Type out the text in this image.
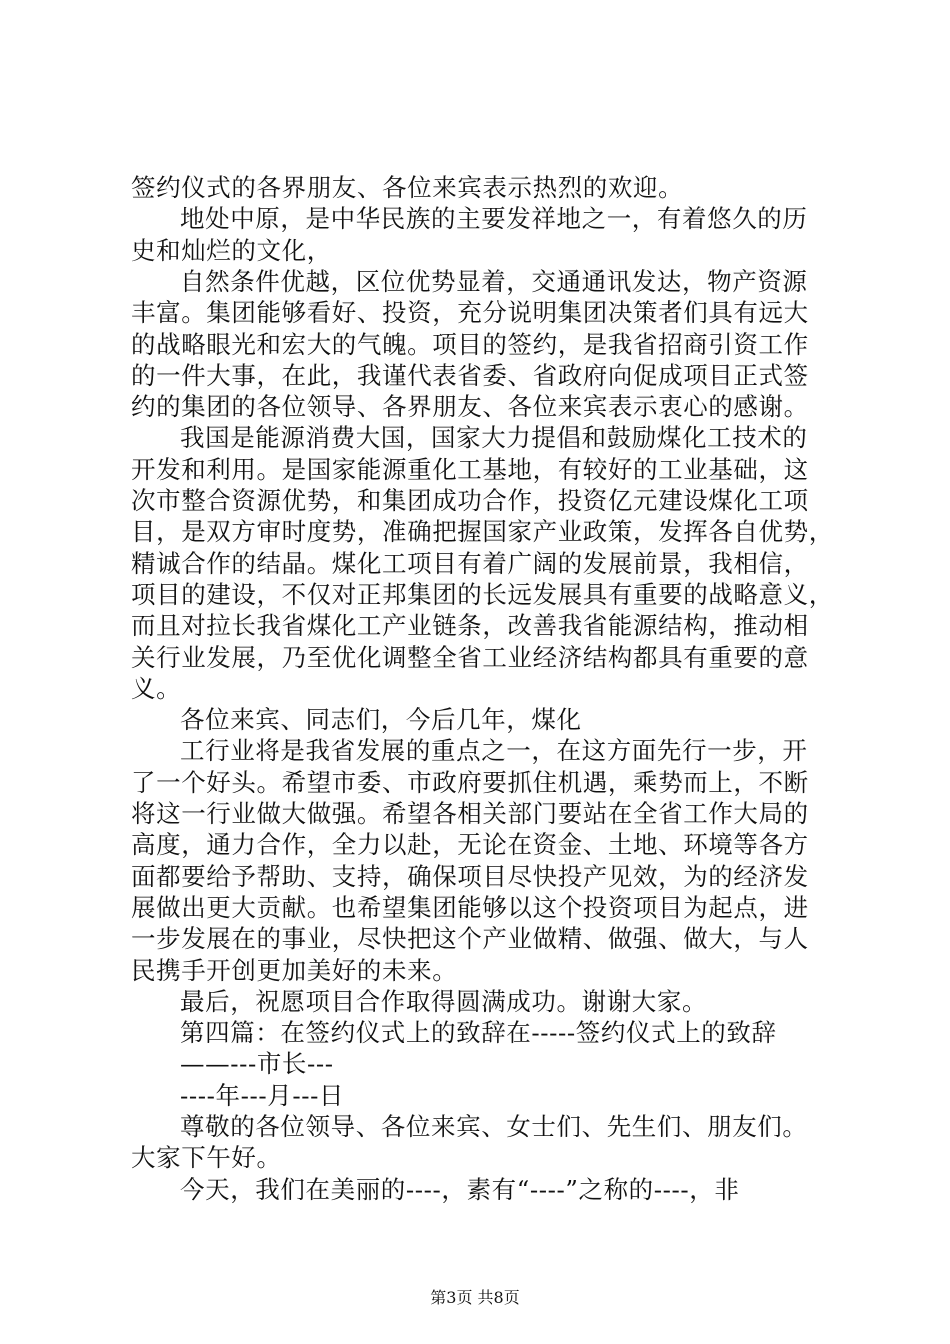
签约仪式的各界朋友、各位来宾表示热烈的欢迎。
地处中原，是中华民族的主要发祥地之一，有着悠久的历
史和灿烂的文化，
自然条件优越，区位优势显着，交通通讯发达，物产资源
丰富。集团能够看好、投资，充分说明集团决策者们具有远大
的战略眼光和宏大的气魄。项目的签约，是我省招商引资工作
的一件大事，在此，我谨代表省委、省政府向促成项目正式签
约的集团的各位领导、各界朋友、各位来宾表示衷心的感谢。
我国是能源消费大国，国家大力提倡和鼓励煤化工技术的
开发和利用。是国家能源重化工基地，有较好的工业基础，这
次市整合资源优势，和集团成功合作，投资亿元建设煤化工项
目，是双方审时度势，准确把握国家产业政策，发挥各自优势，
精诚合作的结晶。煤化工项目有着广阔的发展前景，我相信，
项目的建设，不仅对正邦集团的长远发展具有重要的战略意义，
而且对拉长我省煤化工产业链条，改善我省能源结构，推动相
关行业发展，乃至优化调整全省工业经济结构都具有重要的意
义。
各位来宾、同志们，今后几年，煤化
工行业将是我省发展的重点之一，在这方面先行一步，开
了一个好头。希望市委、市政府要抓住机遇，乘势而上，不断
将这一行业做大做强。希望各相关部门要站在全省工作大局的
高度，通力合作，全力以赴，无论在资金、土地、环境等各方
面都要给予帮助、支持，确保项目尽快投产见效，为的经济发
展做出更大贡献。也希望集团能够以这个投资项目为起点，进
一步发展在的事业，尽快把这个产业做精、做强、做大，与人
民携手开创更加美好的未来。
最后，祝愿项目合作取得圆满成功。谢谢大家。
第四篇：在签约仪式上的致辞在-----签约仪式上的致辞
——---市长---
----年---月---日
尊敬的各位领导、各位来宾、女士们、先生们、朋友们。
大家下午好。
今天，我们在美丽的----，素有“----”之称的----，非
第3页 共8页
